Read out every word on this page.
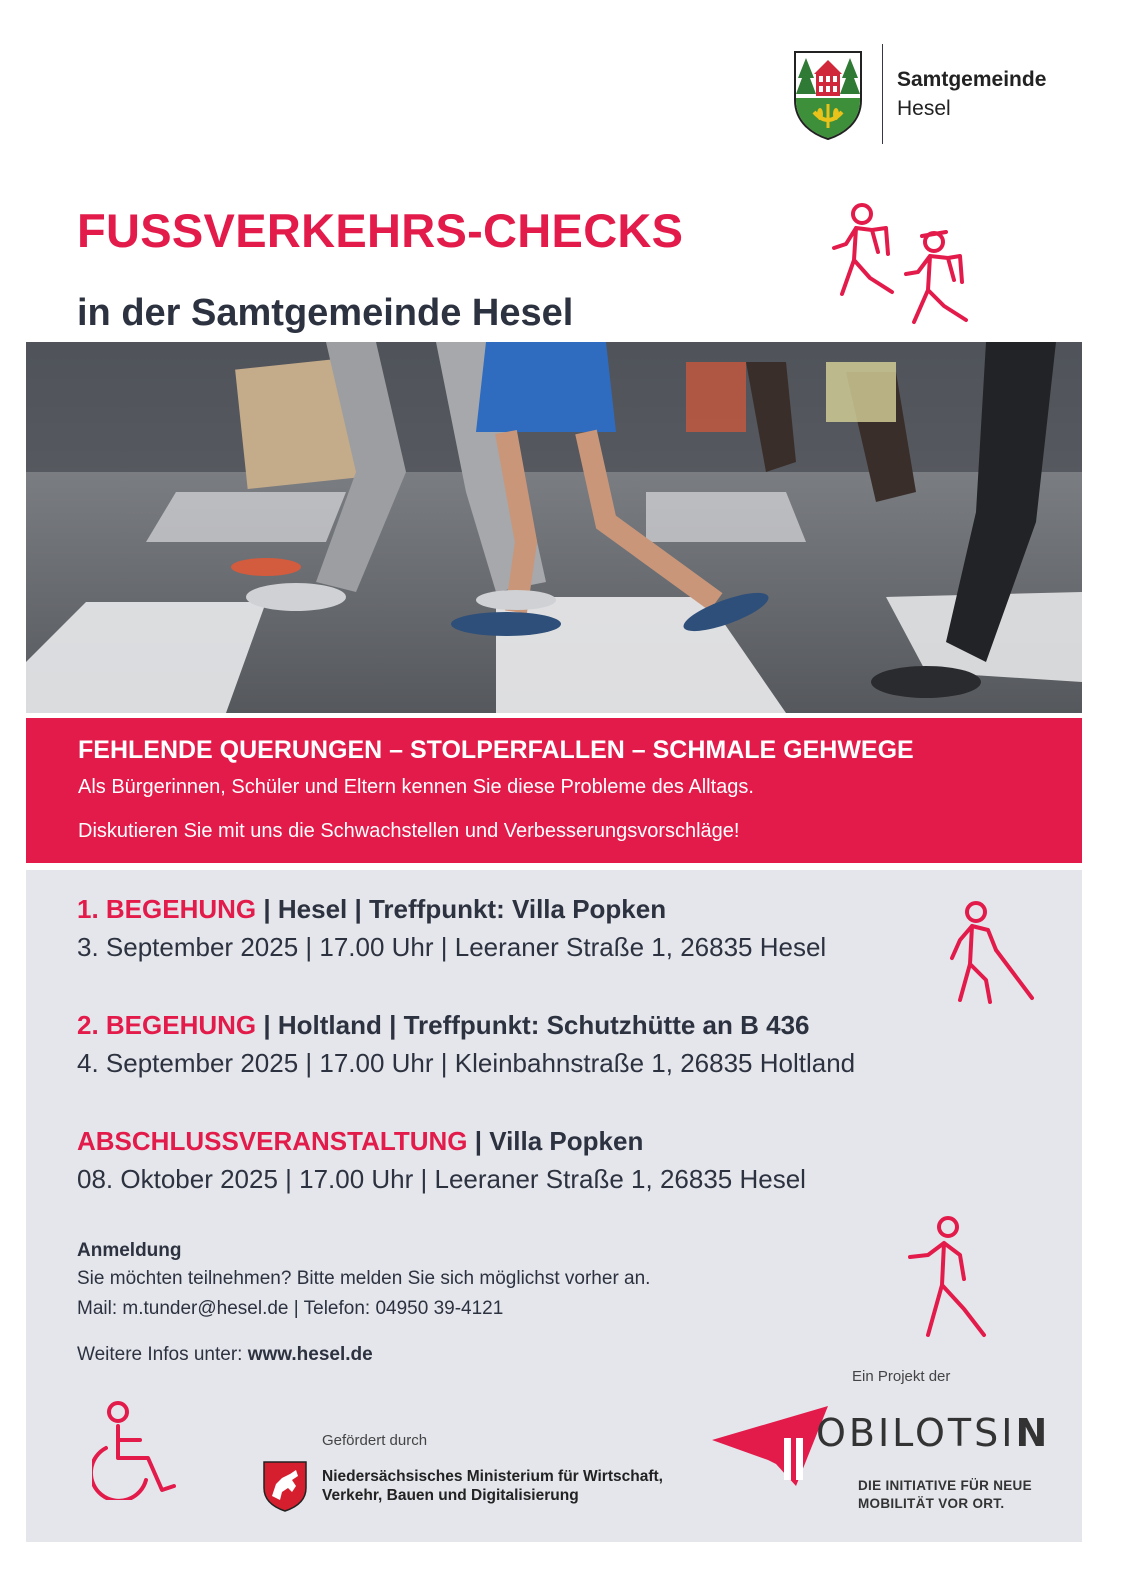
Samtgemeinde
Hesel
FUSSVERKEHRS-CHECKS
in der Samtgemeinde Hesel
FEHLENDE QUERUNGEN – STOLPERFALLEN – SCHMALE GEHWEGE
Als Bürgerinnen, Schüler und Eltern kennen Sie diese Probleme des Alltags.
Diskutieren Sie mit uns die Schwachstellen und Verbesserungsvorschläge!
1. BEGEHUNG | Hesel | Treffpunkt: Villa Popken
3. September 2025 | 17.00 Uhr | Leeraner Straße 1, 26835 Hesel
2. BEGEHUNG | Holtland | Treffpunkt: Schutzhütte an B 436
4. September 2025 | 17.00 Uhr | Kleinbahnstraße 1, 26835 Holtland
ABSCHLUSSVERANSTALTUNG | Villa Popken
08. Oktober 2025 | 17.00 Uhr | Leeraner Straße 1, 26835 Hesel
Anmeldung
Sie möchten teilnehmen? Bitte melden Sie sich möglichst vorher an.
Mail: m.tunder@hesel.de | Telefon: 04950 39-4121
Weitere Infos unter: www.hesel.de
Gefördert durch
Niedersächsisches Ministerium für Wirtschaft,
Verkehr, Bauen und Digitalisierung
Ein Projekt der
OBILOTSIN
DIE INITIATIVE FÜR NEUE
MOBILITÄT VOR ORT.
